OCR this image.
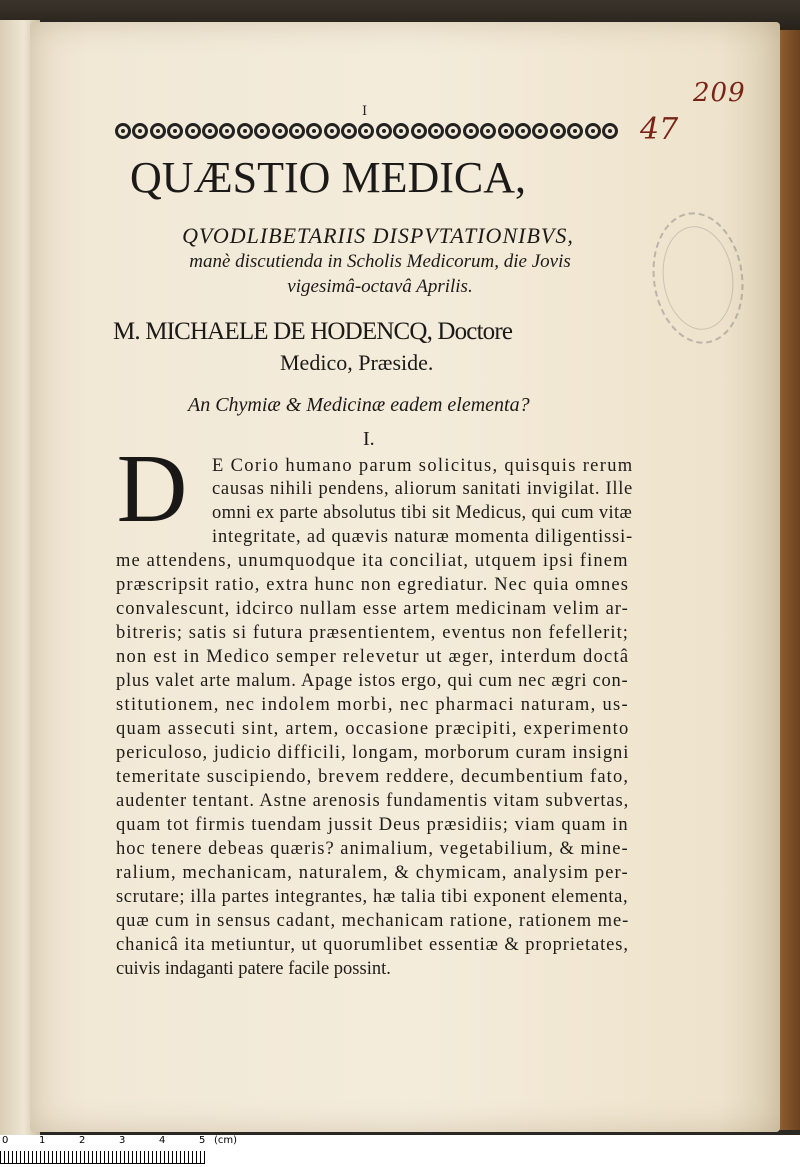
209
47
I
QUÆSTIO MEDICA,
QVODLIBETARIIS DISPVTATIONIBVS,
manè discutienda in Scholis Medicorum, die Jovis
vigesimâ-octavâ Aprilis.
M. MICHAELE DE HODENCQ, Doctore
Medico, Præside.
An Chymiæ & Medicinæ eadem elementa?
I.
D E Corio humano parum solicitus, quisquis rerum
causas nihili pendens, aliorum sanitati invigilat. Ille
omni ex parte absolutus tibi sit Medicus, qui cum vitæ
integritate, ad quævis naturæ momenta diligentissi-
me attendens, unumquodque ita conciliat, utquem ipsi finem
præscripsit ratio, extra hunc non egrediatur. Nec quia omnes
convalescunt, idcirco nullam esse artem medicinam velim ar-
bitreris; satis si futura præsentientem, eventus non fefellerit;
non est in Medico semper relevetur ut æger, interdum doctâ
plus valet arte malum. Apage istos ergo, qui cum nec ægri con-
stitutionem, nec indolem morbi, nec pharmaci naturam, us-
quam assecuti sint, artem, occasione præcipiti, experimento
periculoso, judicio difficili, longam, morborum curam insigni
temeritate suscipiendo, brevem reddere, decumbentium fato,
audenter tentant. Astne arenosis fundamentis vitam subvertas,
quam tot firmis tuendam jussit Deus præsidiis; viam quam in
hoc tenere debeas quæris? animalium, vegetabilium, & mine-
ralium, mechanicam, naturalem, & chymicam, analysim per-
scrutare; illa partes integrantes, hæ talia tibi exponent elementa,
quæ cum in sensus cadant, mechanicam ratione, rationem me-
chanicâ ita metiuntur, ut quorumlibet essentiæ & proprietates,
cuivis indaganti patere facile possint.
0	1	2	3	4	5 (cm)
